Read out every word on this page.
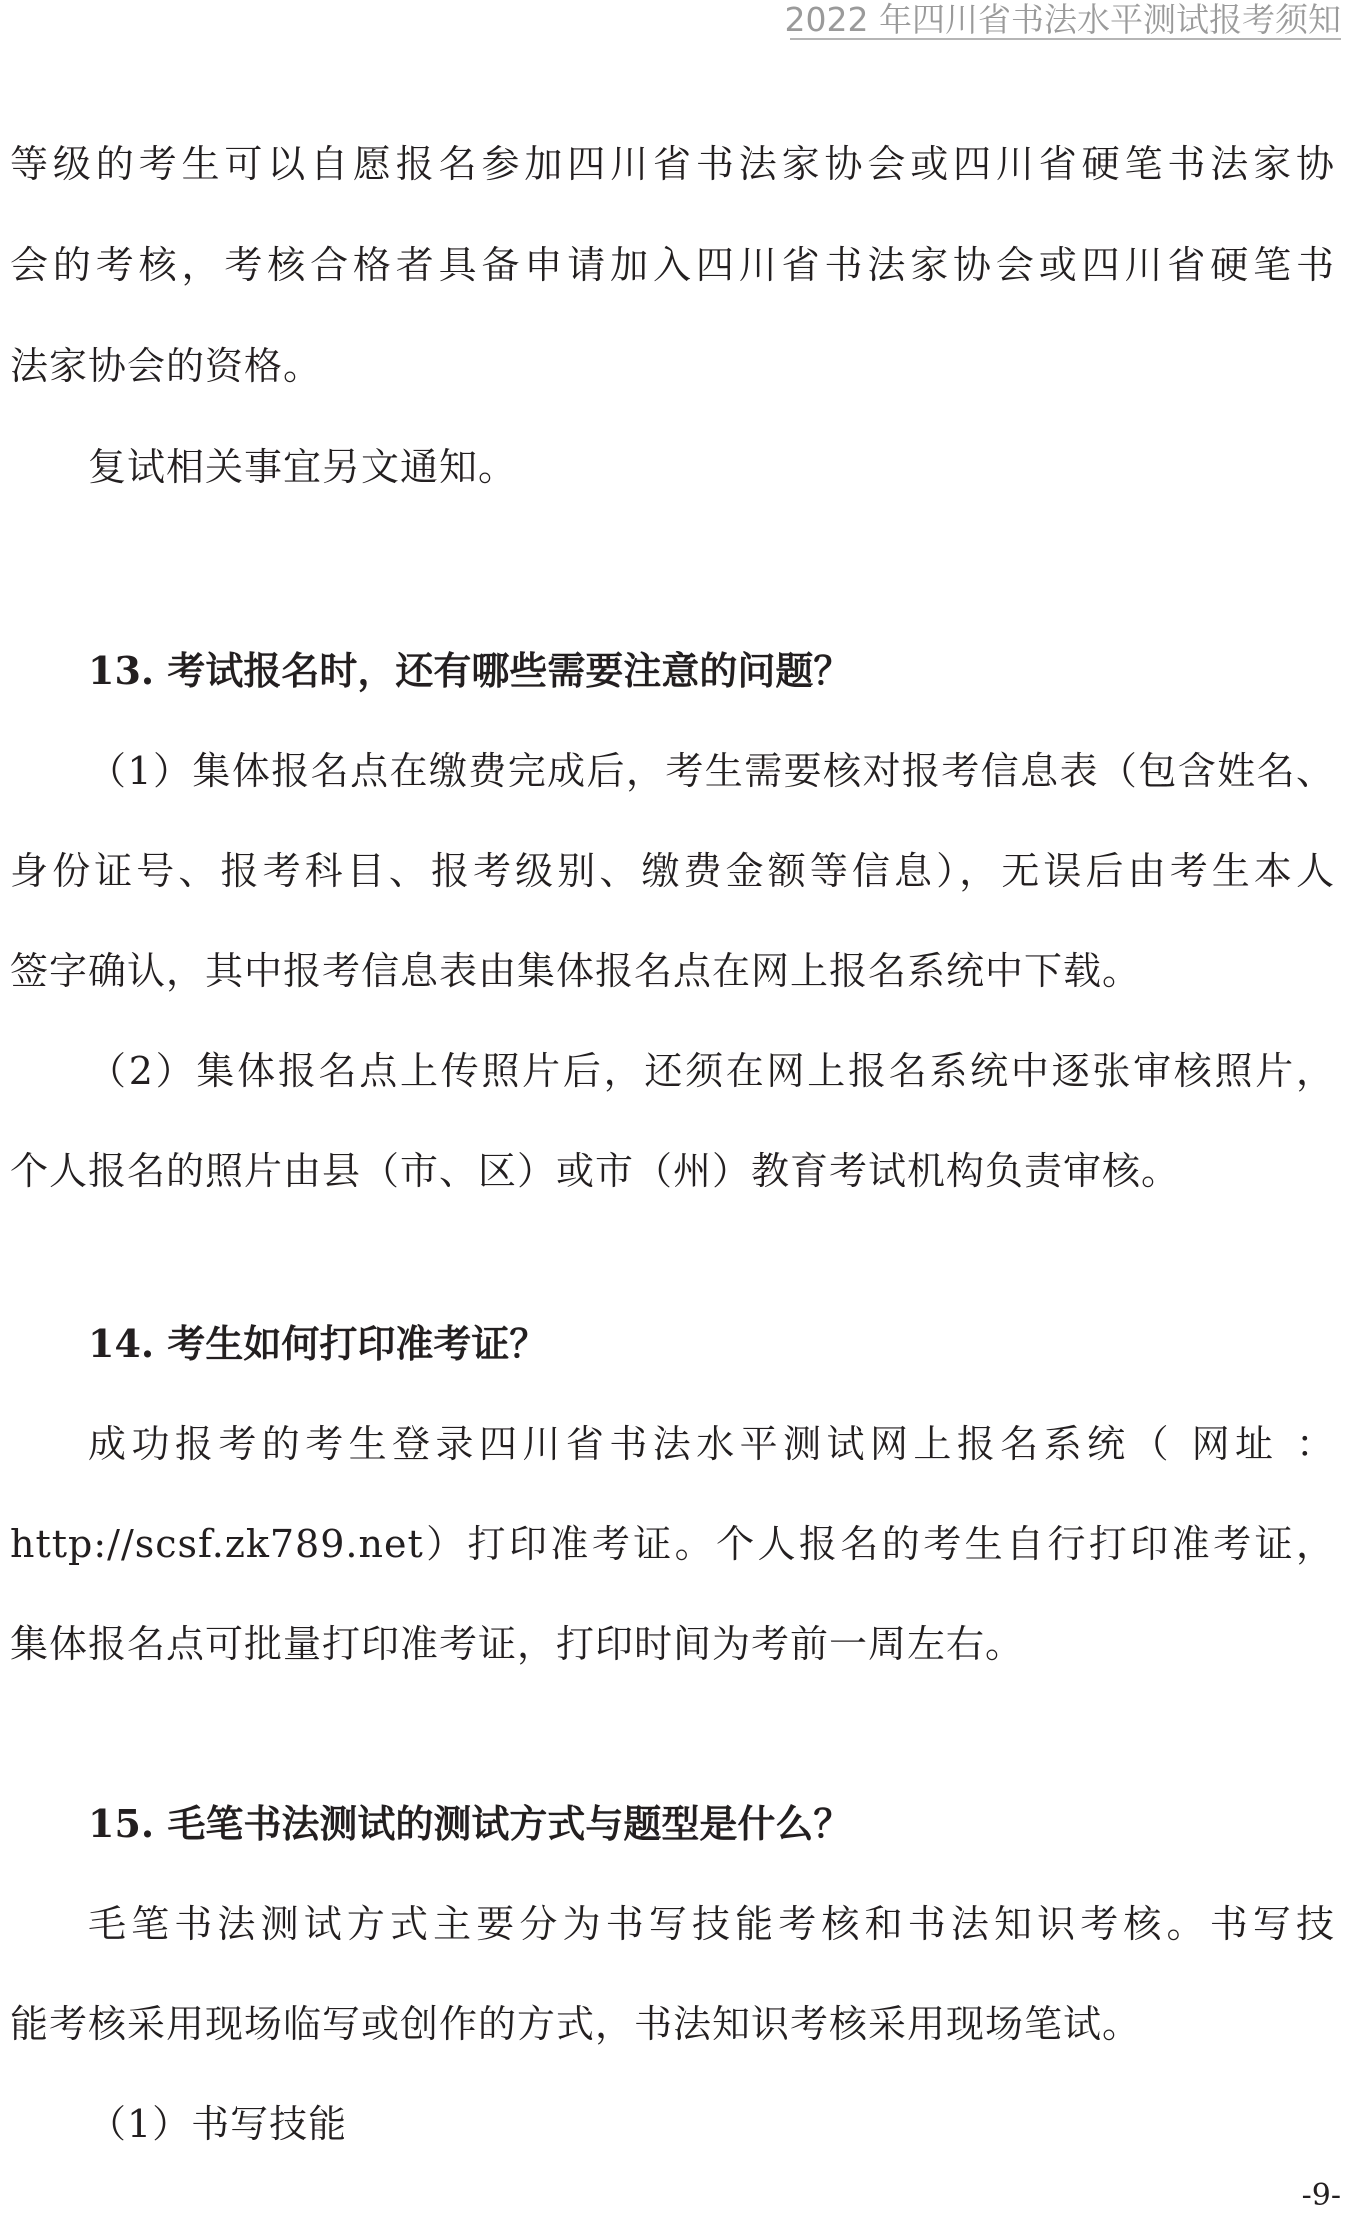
2022 年四川省书法水平测试报考须知
等级的考生可以自愿报名参加四川省书法家协会或四川省硬笔书法家协
会的考核，考核合格者具备申请加入四川省书法家协会或四川省硬笔书
法家协会的资格。
复试相关事宜另文通知。
13. 考试报名时，还有哪些需要注意的问题？
（1）集体报名点在缴费完成后，考生需要核对报考信息表（包含姓名、
身份证号、报考科目、报考级别、缴费金额等信息），无误后由考生本人
签字确认，其中报考信息表由集体报名点在网上报名系统中下载。
（2）集体报名点上传照片后，还须在网上报名系统中逐张审核照片，
个人报名的照片由县（市、区）或市（州）教育考试机构负责审核。
14. 考生如何打印准考证？
成功报考的考生登录四川省书法水平测试网上报名系统（ 网址 ：
http://scsf.zk789.net）打印准考证。个人报名的考生自行打印准考证，
集体报名点可批量打印准考证，打印时间为考前一周左右。
15. 毛笔书法测试的测试方式与题型是什么？
毛笔书法测试方式主要分为书写技能考核和书法知识考核。书写技
能考核采用现场临写或创作的方式，书法知识考核采用现场笔试。
（1）书写技能
-9-
